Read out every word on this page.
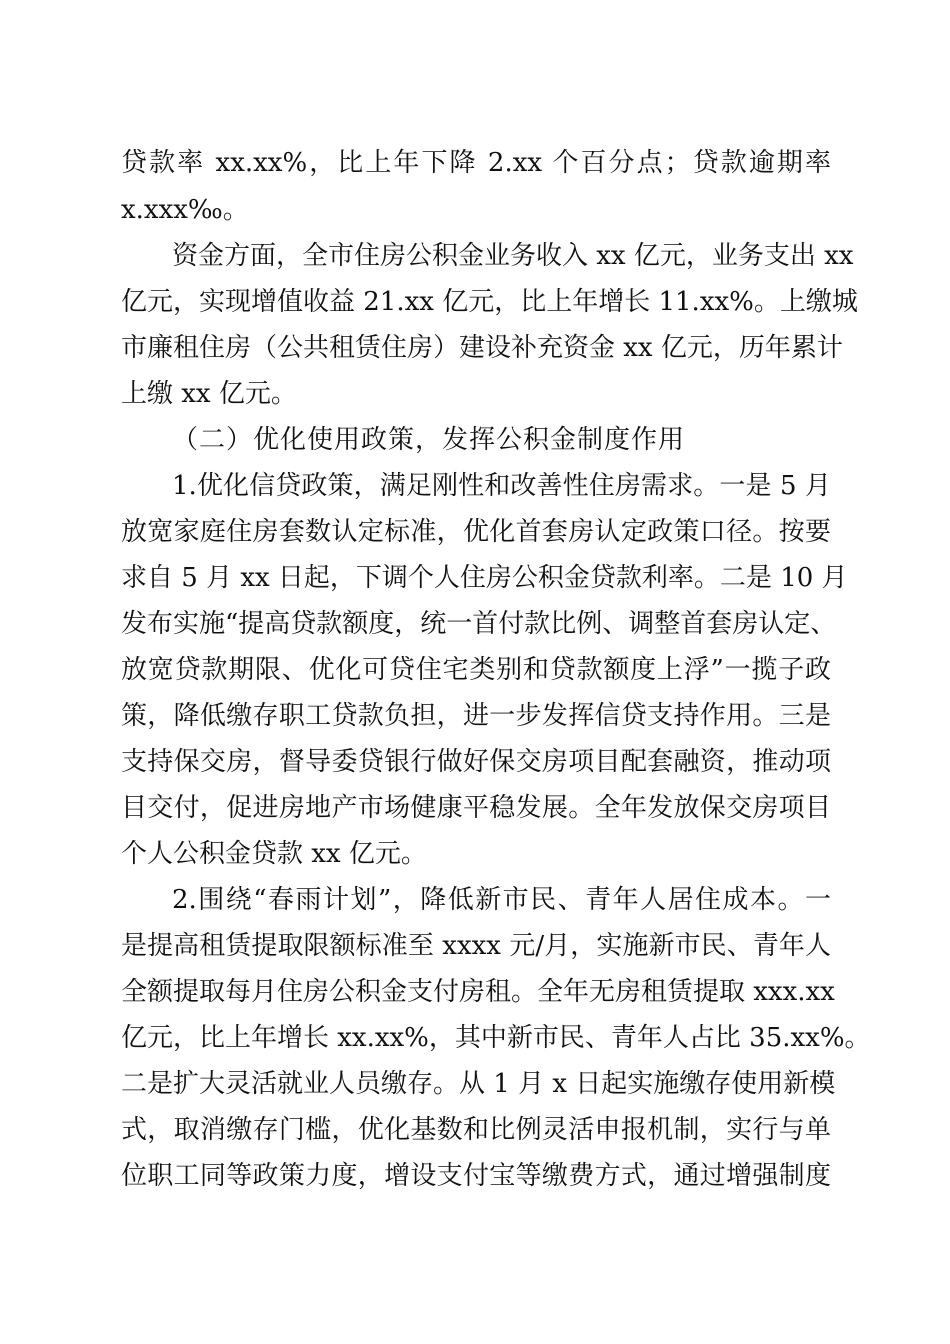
贷款率 xx.xx%，比上年下降 2.xx 个百分点；贷款逾期率
x.xxx‰。
资金方面，全市住房公积金业务收入 xx 亿元，业务支出 xx
亿元，实现增值收益 21.xx 亿元，比上年增长 11.xx%。上缴城
市廉租住房（公共租赁住房）建设补充资金 xx 亿元，历年累计
上缴 xx 亿元。
（二）优化使用政策，发挥公积金制度作用
1.优化信贷政策，满足刚性和改善性住房需求。一是 5 月
放宽家庭住房套数认定标准，优化首套房认定政策口径。按要
求自 5 月 xx 日起，下调个人住房公积金贷款利率。二是 10 月
发布实施“提高贷款额度，统一首付款比例、调整首套房认定、
放宽贷款期限、优化可贷住宅类别和贷款额度上浮”一揽子政
策，降低缴存职工贷款负担，进一步发挥信贷支持作用。三是
支持保交房，督导委贷银行做好保交房项目配套融资，推动项
目交付，促进房地产市场健康平稳发展。全年发放保交房项目
个人公积金贷款 xx 亿元。
2.围绕“春雨计划”，降低新市民、青年人居住成本。一
是提高租赁提取限额标准至 xxxx 元/月，实施新市民、青年人
全额提取每月住房公积金支付房租。全年无房租赁提取 xxx.xx
亿元，比上年增长 xx.xx%，其中新市民、青年人占比 35.xx%。
二是扩大灵活就业人员缴存。从 1 月 x 日起实施缴存使用新模
式，取消缴存门槛，优化基数和比例灵活申报机制，实行与单
位职工同等政策力度，增设支付宝等缴费方式，通过增强制度
